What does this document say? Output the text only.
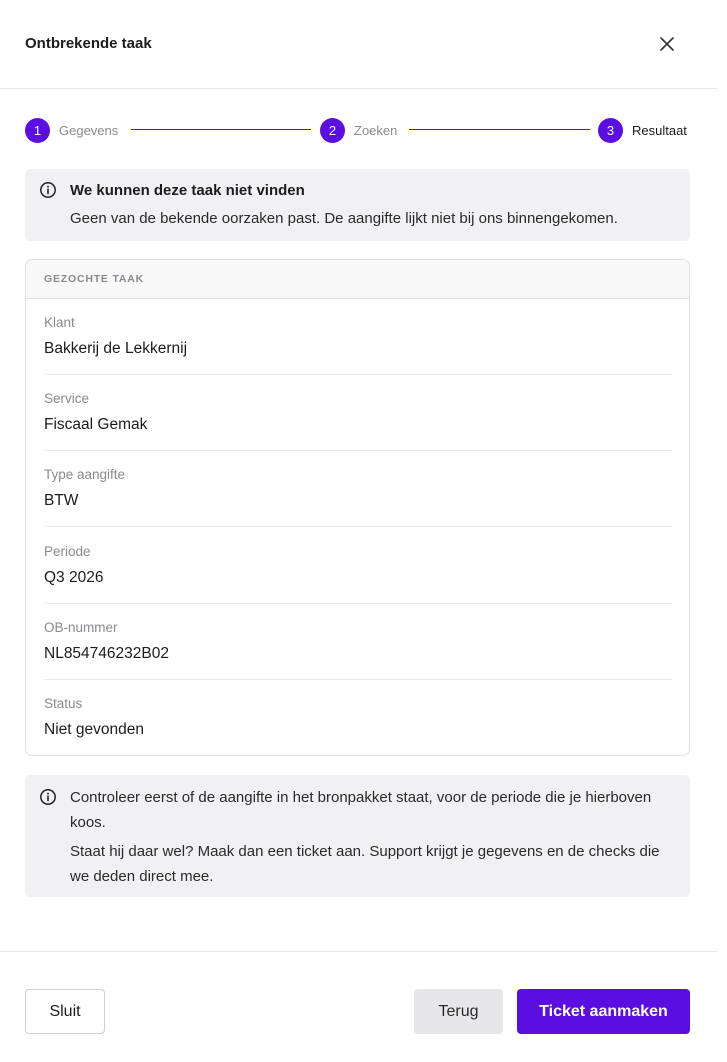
Ontbrekende taak
1	Gegevens	2	Zoeken	3	Resultaat
We kunnen deze taak niet vinden
Geen van de bekende oorzaken past. De aangifte lijkt niet bij ons binnengekomen.
GEZOCHTE TAAK
Klant
Bakkerij de Lekkernij
Service
Fiscaal Gemak
Type aangifte
BTW
Periode
Q3 2026
OB-nummer
NL854746232B02
Status
Niet gevonden
Controleer eerst of de aangifte in het bronpakket staat, voor de periode die je hierboven koos.
Staat hij daar wel? Maak dan een ticket aan. Support krijgt je gegevens en de checks die we deden direct mee.
Sluit	Terug	Ticket aanmaken
